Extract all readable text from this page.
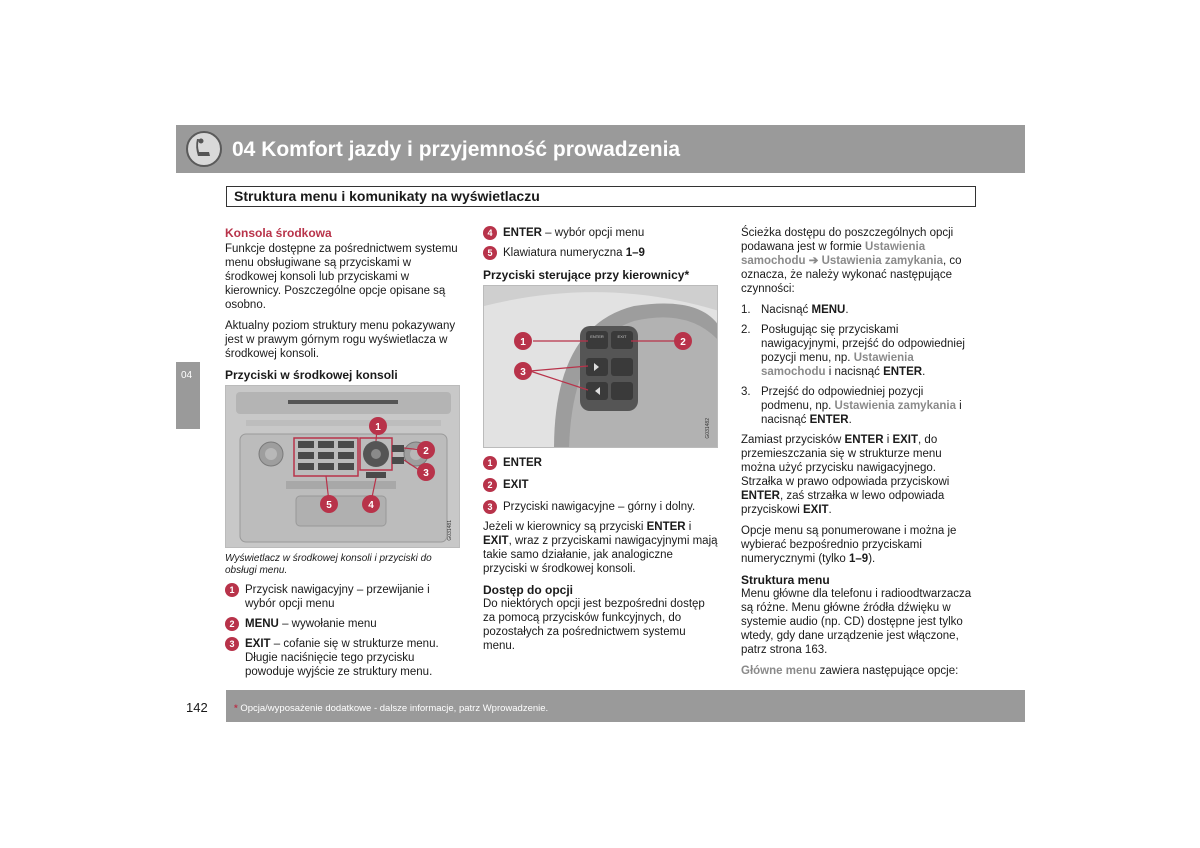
04 Komfort jazdy i przyjemność prowadzenia
Struktura menu i komunikaty na wyświetlaczu
04
Konsola środkowa

Funkcje dostępne za pośrednictwem systemu menu obsługiwane są przyciskami w środkowej konsoli lub przyciskami w kierownicy. Poszczególne opcje opisane są osobno.

Aktualny poziom struktury menu pokazywany jest w prawym górnym rogu wyświetlacza w środkowej konsoli.

Przyciski w środkowej konsoli
1
2
3
4
5
G031481
Wyświetlacz w środkowej konsoli i przyciski do obsługi menu.
1 Przycisk nawigacyjny – przewijanie i wybór opcji menu
2 MENU – wywołanie menu
3 EXIT – cofanie się w strukturze menu. Długie naciśnięcie tego przycisku powoduje wyjście ze struktury menu.
4 ENTER – wybór opcji menu
5 Klawiatura numeryczna 1–9
Przyciski sterujące przy kierownicy*
ENTER	EXIT
1	2
3
G031482
1 ENTER
2 EXIT
3 Przyciski nawigacyjne – górny i dolny.

Jeżeli w kierownicy są przyciski ENTER i EXIT, wraz z przyciskami nawigacyjnymi mają takie samo działanie, jak analogiczne przyciski w środkowej konsoli.

Dostęp do opcji

Do niektórych opcji jest bezpośredni dostęp za pomocą przycisków funkcyjnych, do pozostałych za pośrednictwem systemu menu.

Ścieżka dostępu do poszczególnych opcji podawana jest w formie Ustawienia samochodu ➔ Ustawienia zamykania, co oznacza, że należy wykonać następujące czynności:

1. Nacisnąć MENU.
2. Posługując się przyciskami nawigacyjnymi, przejść do odpowiedniej pozycji menu, np. Ustawienia samochodu i nacisnąć ENTER.
3. Przejść do odpowiedniej pozycji podmenu, np. Ustawienia zamykania i nacisnąć ENTER.

Zamiast przycisków ENTER i EXIT, do przemieszczania się w strukturze menu można użyć przycisku nawigacyjnego. Strzałka w prawo odpowiada przyciskowi ENTER, zaś strzałka w lewo odpowiada przyciskowi EXIT.

Opcje menu są ponumerowane i można je wybierać bezpośrednio przyciskami numerycznymi (tylko 1–9).

Struktura menu

Menu główne dla telefonu i radioodtwarzacza są różne. Menu główne źródła dźwięku w systemie audio (np. CD) dostępne jest tylko wtedy, gdy dane urządzenie jest włączone, patrz strona 163.

Główne menu zawiera następujące opcje:

142	* Opcja/wyposażenie dodatkowe - dalsze informacje, patrz Wprowadzenie.
